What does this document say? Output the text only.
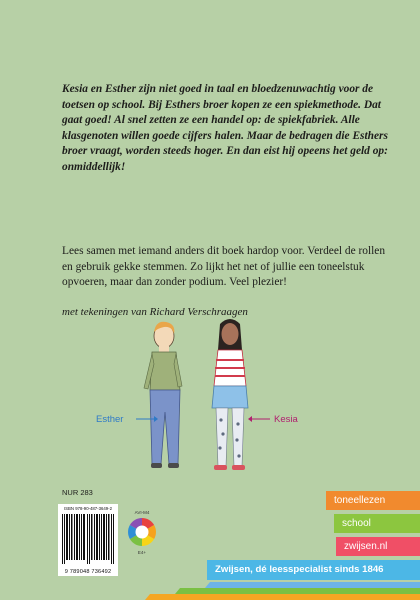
Kesia en Esther zijn niet goed in taal en bloedzenuwachtig voor de toetsen op school. Bij Esthers broer kopen ze een spiekmethode. Dat gaat goed! Al snel zetten ze een handel op: de spiekfabriek. Alle klasgenoten willen goede cijfers halen. Maar de bedragen die Esthers broer vraagt, worden steeds hoger. En dan eist hij opeens het geld op: onmiddellijk!

Lees samen met iemand anders dit boek hardop voor. Verdeel de rollen en gebruik gekke stemmen. Zo lijkt het net of jullie een toneelstuk opvoeren, maar dan zonder podium. Veel plezier!

met tekeningen van Richard Verschraagen

Esther	Kesia
NUR 283
ISBN 978-90-487-3649-2
9 789048 736492
AVI-M4
E4+
toneellezen
school
zwijsen.nl
Zwijsen, dé leesspecialist sinds 1846
